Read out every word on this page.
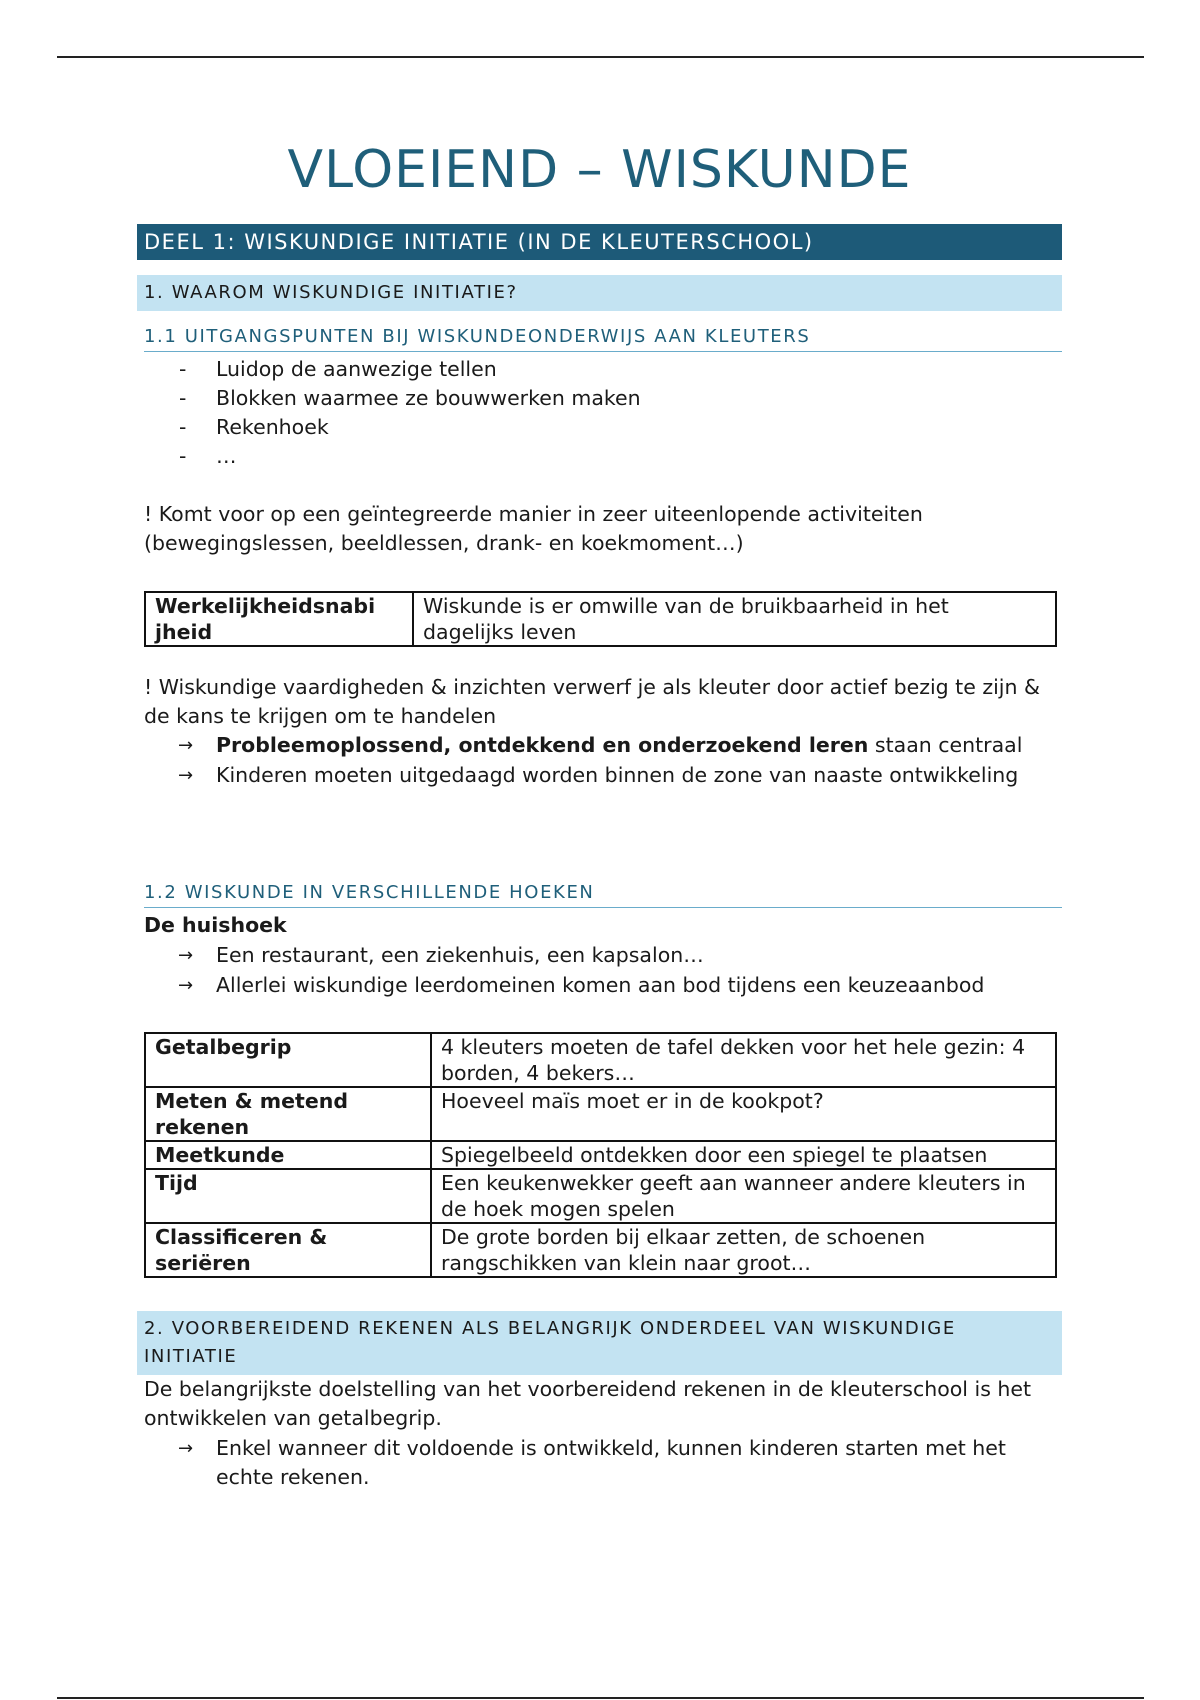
VLOEIEND – WISKUNDE
DEEL 1: WISKUNDIGE INITIATIE (IN DE KLEUTERSCHOOL)
1. WAAROM WISKUNDIGE INITIATIE?
1.1 UITGANGSPUNTEN BIJ WISKUNDEONDERWIJS AAN KLEUTERS
- Luidop de aanwezige tellen
- Blokken waarmee ze bouwwerken maken
- Rekenhoek
- …
! Komt voor op een geïntegreerde manier in zeer uiteenlopende activiteiten (bewegingslessen, beeldlessen, drank- en koekmoment…)
Werkelijkheidsnabi jheid	Wiskunde is er omwille van de bruikbaarheid in het dagelijks leven
! Wiskundige vaardigheden & inzichten verwerf je als kleuter door actief bezig te zijn & de kans te krijgen om te handelen
→ Probleemoplossend, ontdekkend en onderzoekend leren staan centraal
→ Kinderen moeten uitgedaagd worden binnen de zone van naaste ontwikkeling
1.2 WISKUNDE IN VERSCHILLENDE HOEKEN
De huishoek
→ Een restaurant, een ziekenhuis, een kapsalon…
→ Allerlei wiskundige leerdomeinen komen aan bod tijdens een keuzeaanbod
Getalbegrip	4 kleuters moeten de tafel dekken voor het hele gezin: 4 borden, 4 bekers…
Meten & metend rekenen	Hoeveel maïs moet er in de kookpot?
Meetkunde	Spiegelbeeld ontdekken door een spiegel te plaatsen
Tijd	Een keukenwekker geeft aan wanneer andere kleuters in de hoek mogen spelen
Classificeren & seriëren	De grote borden bij elkaar zetten, de schoenen rangschikken van klein naar groot…
2. VOORBEREIDEND REKENEN ALS BELANGRIJK ONDERDEEL VAN WISKUNDIGE INITIATIE
De belangrijkste doelstelling van het voorbereidend rekenen in de kleuterschool is het ontwikkelen van getalbegrip.
→ Enkel wanneer dit voldoende is ontwikkeld, kunnen kinderen starten met het echte rekenen.
